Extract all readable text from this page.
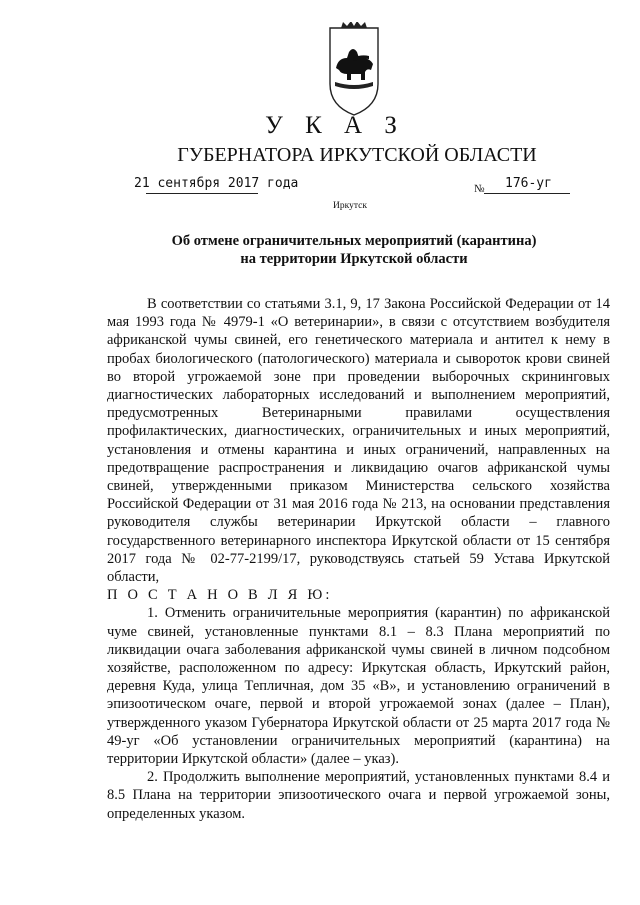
У К А З
ГУБЕРНАТОРА ИРКУТСКОЙ ОБЛАСТИ
21 сентября 2017 года	№ 176-уг
Иркутск
Об отмене ограничительных мероприятий (карантина)
на территории Иркутской области

В соответствии со статьями 3.1, 9, 17 Закона Российской Федерации от 14 мая 1993 года № 4979-1 «О ветеринарии», в связи с отсутствием возбудителя африканской чумы свиней, его генетического материала и антител к нему в пробах биологического (патологического) материала и сывороток крови свиней во второй угрожаемой зоне при проведении выборочных скрининговых диагностических лабораторных исследований и выполнением мероприятий, предусмотренных Ветеринарными правилами осуществления профилактических, диагностических, ограничительных и иных мероприятий, установления и отмены карантина и иных ограничений, направленных на предотвращение распространения и ликвидацию очагов африканской чумы свиней, утвержденными приказом Министерства сельского хозяйства Российской Федерации от 31 мая 2016 года № 213, на основании представления руководителя службы ветеринарии Иркутской области – главного государственного ветеринарного инспектора Иркутской области от 15 сентября 2017 года № 02-77-2199/17, руководствуясь статьей 59 Устава Иркутской области,

П О С Т А Н О В Л Я Ю:

1. Отменить ограничительные мероприятия (карантин) по африканской чуме свиней, установленные пунктами 8.1 – 8.3 Плана мероприятий по ликвидации очага заболевания африканской чумы свиней в личном подсобном хозяйстве, расположенном по адресу: Иркутская область, Иркутский район, деревня Куда, улица Тепличная, дом 35 «В», и установлению ограничений в эпизоотическом очаге, первой и второй угрожаемой зонах (далее – План), утвержденного указом Губернатора Иркутской области от 25 марта 2017 года № 49-уг «Об установлении ограничительных мероприятий (карантина) на территории Иркутской области» (далее – указ).

2. Продолжить выполнение мероприятий, установленных пунктами 8.4 и 8.5 Плана на территории эпизоотического очага и первой угрожаемой зоны, определенных указом.
